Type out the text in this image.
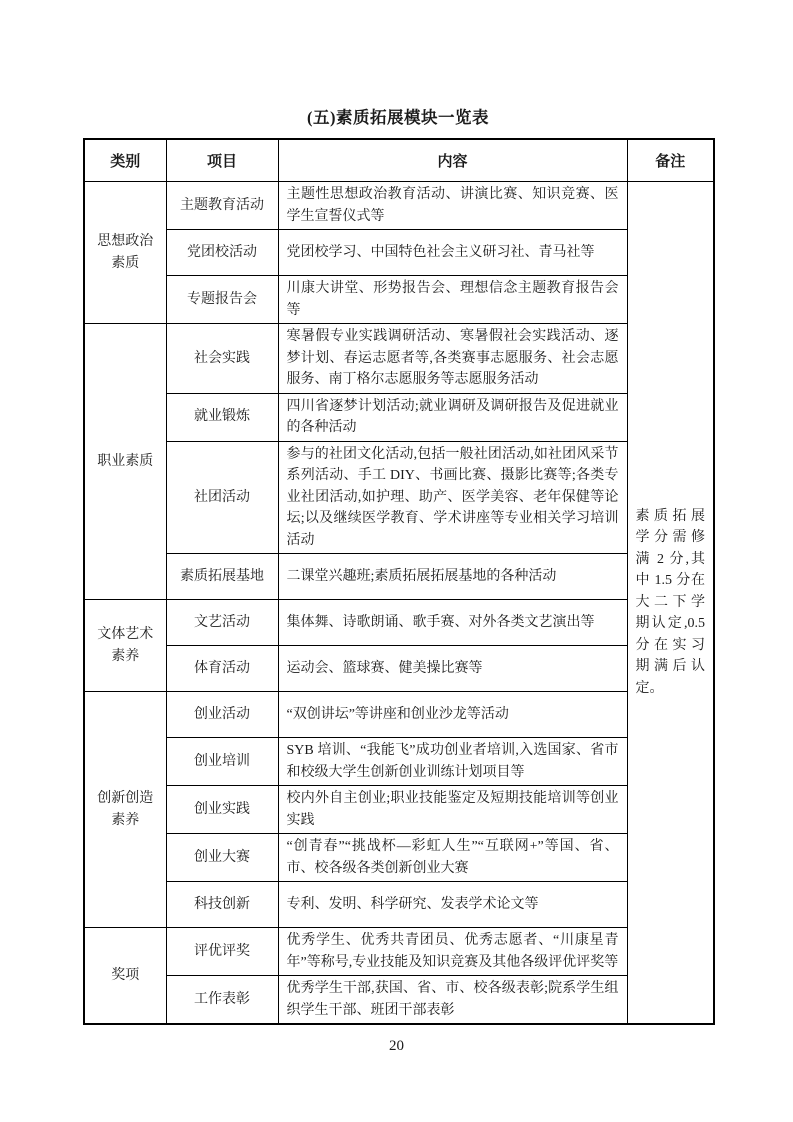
(五)素质拓展模块一览表
类别	项目	内容	备注
思想政治素质	主题教育活动	主题性思想政治教育活动、讲演比赛、知识竞赛、医学生宣誓仪式等	素质拓展学分需修满 2 分,其中 1.5 分在大二下学期认定,0.5 分在实习期满后认定。
	党团校活动	党团校学习、中国特色社会主义研习社、青马社等	
	专题报告会	川康大讲堂、形势报告会、理想信念主题教育报告会等	
职业素质	社会实践	寒暑假专业实践调研活动、寒暑假社会实践活动、逐梦计划、春运志愿者等,各类赛事志愿服务、社会志愿服务、南丁格尔志愿服务等志愿服务活动	
	就业锻炼	四川省逐梦计划活动;就业调研及调研报告及促进就业的各种活动	
	社团活动	参与的社团文化活动,包括一般社团活动,如社团风采节系列活动、手工 DIY、书画比赛、摄影比赛等;各类专业社团活动,如护理、助产、医学美容、老年保健等论坛;以及继续医学教育、学术讲座等专业相关学习培训活动	
	素质拓展基地	二课堂兴趣班;素质拓展拓展基地的各种活动	
文体艺术素养	文艺活动	集体舞、诗歌朗诵、歌手赛、对外各类文艺演出等	
	体育活动	运动会、篮球赛、健美操比赛等	
创新创造素养	创业活动	“双创讲坛”等讲座和创业沙龙等活动	
	创业培训	SYB 培训、“我能飞”成功创业者培训,入选国家、省市和校级大学生创新创业训练计划项目等	
	创业实践	校内外自主创业;职业技能鉴定及短期技能培训等创业实践	
	创业大赛	“创青春”“挑战杯—彩虹人生”“互联网+”等国、省、市、校各级各类创新创业大赛	
	科技创新	专利、发明、科学研究、发表学术论文等	
奖项	评优评奖	优秀学生、优秀共青团员、优秀志愿者、“川康星青年”等称号,专业技能及知识竞赛及其他各级评优评奖等	
	工作表彰	优秀学生干部,获国、省、市、校各级表彰;院系学生组织学生干部、班团干部表彰	
20
